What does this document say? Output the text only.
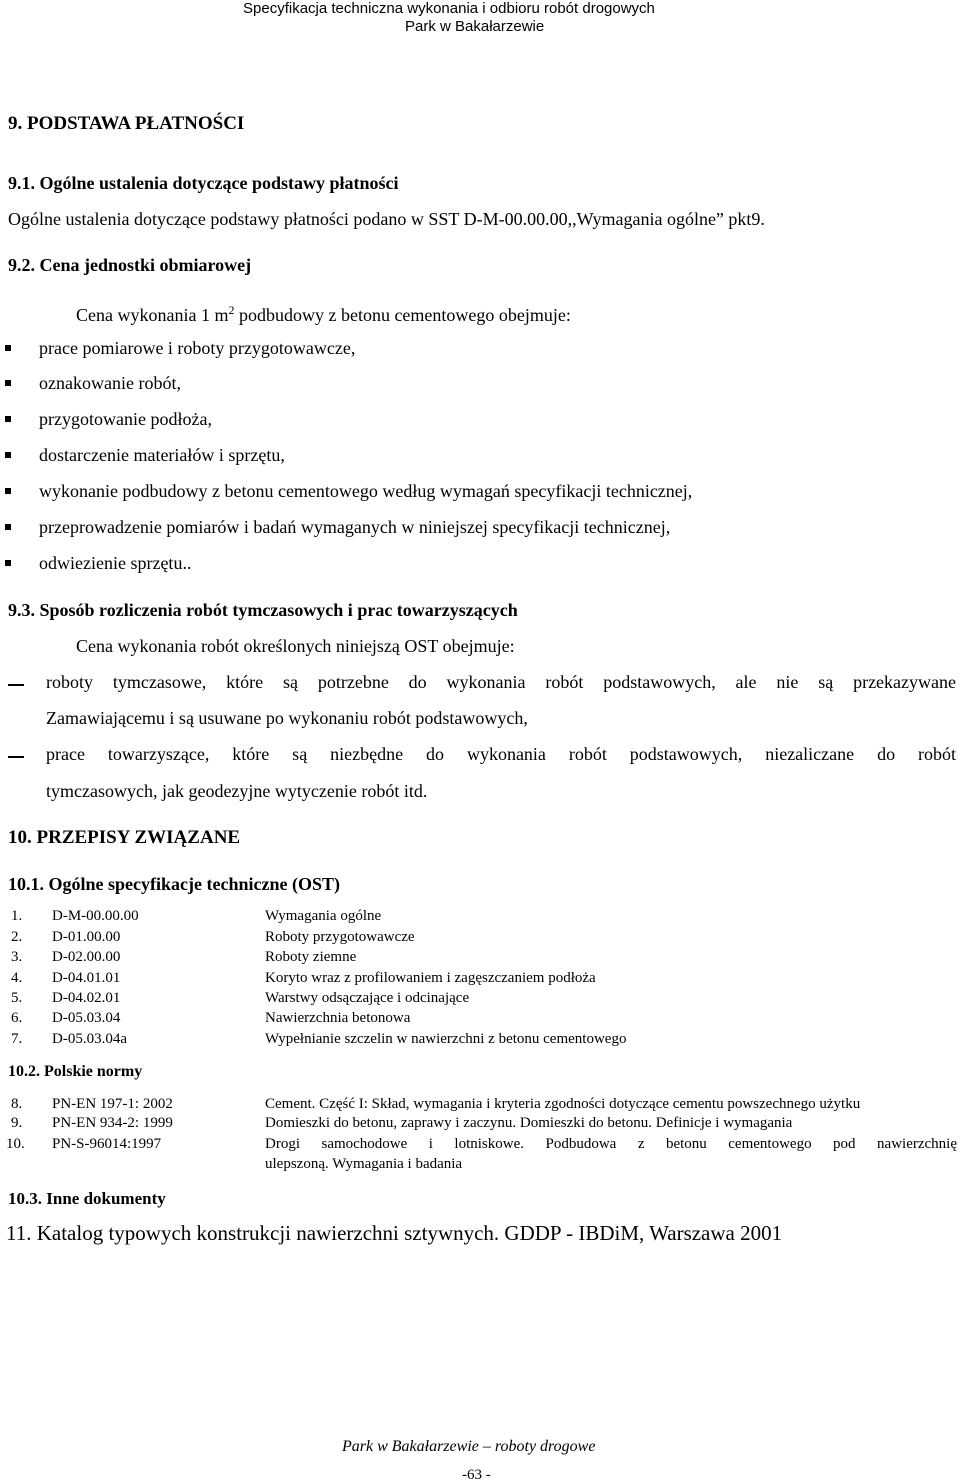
Specyfikacja techniczna wykonania i odbioru robót drogowych
Park w Bakałarzewie
9. PODSTAWA PŁATNOŚCI
9.1. Ogólne ustalenia dotyczące podstawy płatności
Ogólne ustalenia dotyczące podstawy płatności podano w SST D-M-00.00.00,,Wymagania ogólne” pkt9.
9.2. Cena jednostki obmiarowej
Cena wykonania 1 $m^2$ podbudowy z betonu cementowego obejmuje:
prace pomiarowe i roboty przygotowawcze,
oznakowanie robót,
przygotowanie podłoża,
dostarczenie materiałów i sprzętu,
wykonanie podbudowy z betonu cementowego według wymagań specyfikacji technicznej,
przeprowadzenie pomiarów i badań wymaganych w niniejszej specyfikacji technicznej,
odwiezienie sprzętu..
9.3. Sposób rozliczenia robót tymczasowych i prac towarzyszących
Cena wykonania robót określonych niniejszą OST obejmuje:
roboty tymczasowe, które są potrzebne do wykonania robót podstawowych, ale nie są przekazywane
Zamawiającemu i są usuwane po wykonaniu robót podstawowych,
prace towarzyszące, które są niezbędne do wykonania robót podstawowych, niezaliczane do robót
tymczasowych, jak geodezyjne wytyczenie robót itd.
10. PRZEPISY ZWIĄZANE
10.1. Ogólne specyfikacje techniczne (OST)
1. D-M-00.00.00	Wymagania ogólne
2. D-01.00.00	Roboty przygotowawcze
3. D-02.00.00	Roboty ziemne
4. D-04.01.01	Koryto wraz z profilowaniem i zagęszczaniem podłoża
5. D-04.02.01	Warstwy odsączające i odcinające
6. D-05.03.04	Nawierzchnia betonowa
7. D-05.03.04a	Wypełnianie szczelin w nawierzchni z betonu cementowego
10.2. Polskie normy
8. PN-EN 197-1: 2002	Cement. Część I: Skład, wymagania i kryteria zgodności dotyczące cementu powszechnego użytku
9. PN-EN 934-2: 1999	Domieszki do betonu, zaprawy i zaczynu. Domieszki do betonu. Definicje i wymagania
10. PN-S-96014:1997	Drogi samochodowe i lotniskowe. Podbudowa z betonu cementowego pod nawierzchnię
ulepszoną. Wymagania i badania
10.3. Inne dokumenty
11. Katalog typowych konstrukcji nawierzchni sztywnych. GDDP - IBDiM, Warszawa 2001
Park w Bakałarzewie – roboty drogowe
-63 -
